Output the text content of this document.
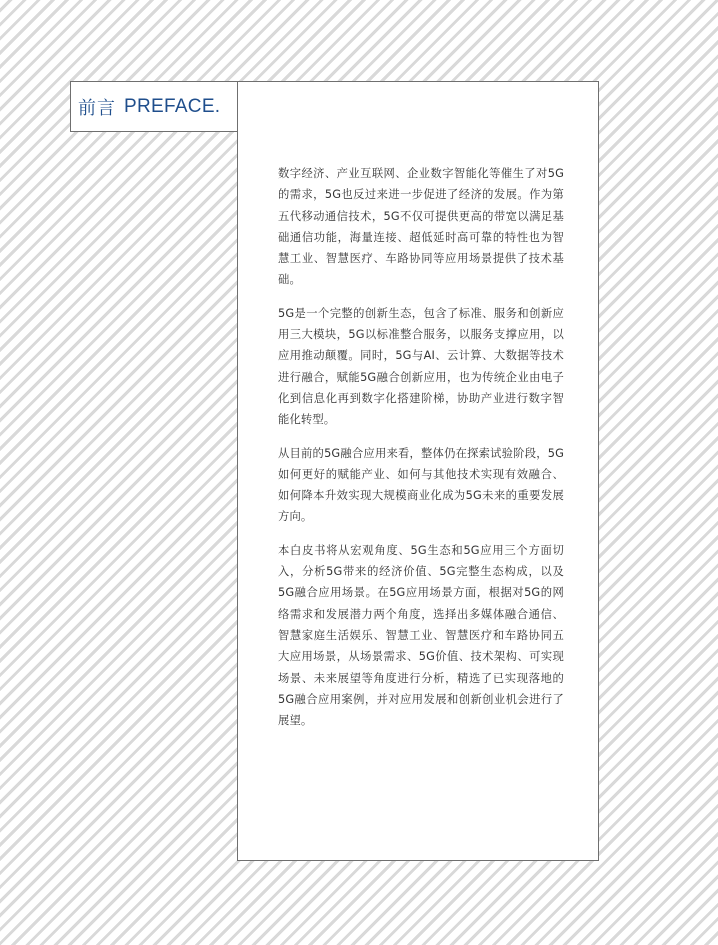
前言 PREFACE.

数字经济、产业互联网、企业数字智能化等催生了对5G的需求，5G也反过来进一步促进了经济的发展。作为第五代移动通信技术，5G不仅可提供更高的带宽以满足基础通信功能，海量连接、超低延时高可靠的特性也为智慧工业、智慧医疗、车路协同等应用场景提供了技术基础。

5G是一个完整的创新生态，包含了标准、服务和创新应用三大模块，5G以标准整合服务，以服务支撑应用，以应用推动颠覆。同时，5G与AI、云计算、大数据等技术进行融合，赋能5G融合创新应用，也为传统企业由电子化到信息化再到数字化搭建阶梯，协助产业进行数字智能化转型。

从目前的5G融合应用来看，整体仍在探索试验阶段，5G如何更好的赋能产业、如何与其他技术实现有效融合、如何降本升效实现大规模商业化成为5G未来的重要发展方向。

本白皮书将从宏观角度、5G生态和5G应用三个方面切入，分析5G带来的经济价值、5G完整生态构成，以及5G融合应用场景。在5G应用场景方面，根据对5G的网络需求和发展潜力两个角度，选择出多媒体融合通信、智慧家庭生活娱乐、智慧工业、智慧医疗和车路协同五大应用场景，从场景需求、5G价值、技术架构、可实现场景、未来展望等角度进行分析，精选了已实现落地的5G融合应用案例，并对应用发展和创新创业机会进行了展望。
